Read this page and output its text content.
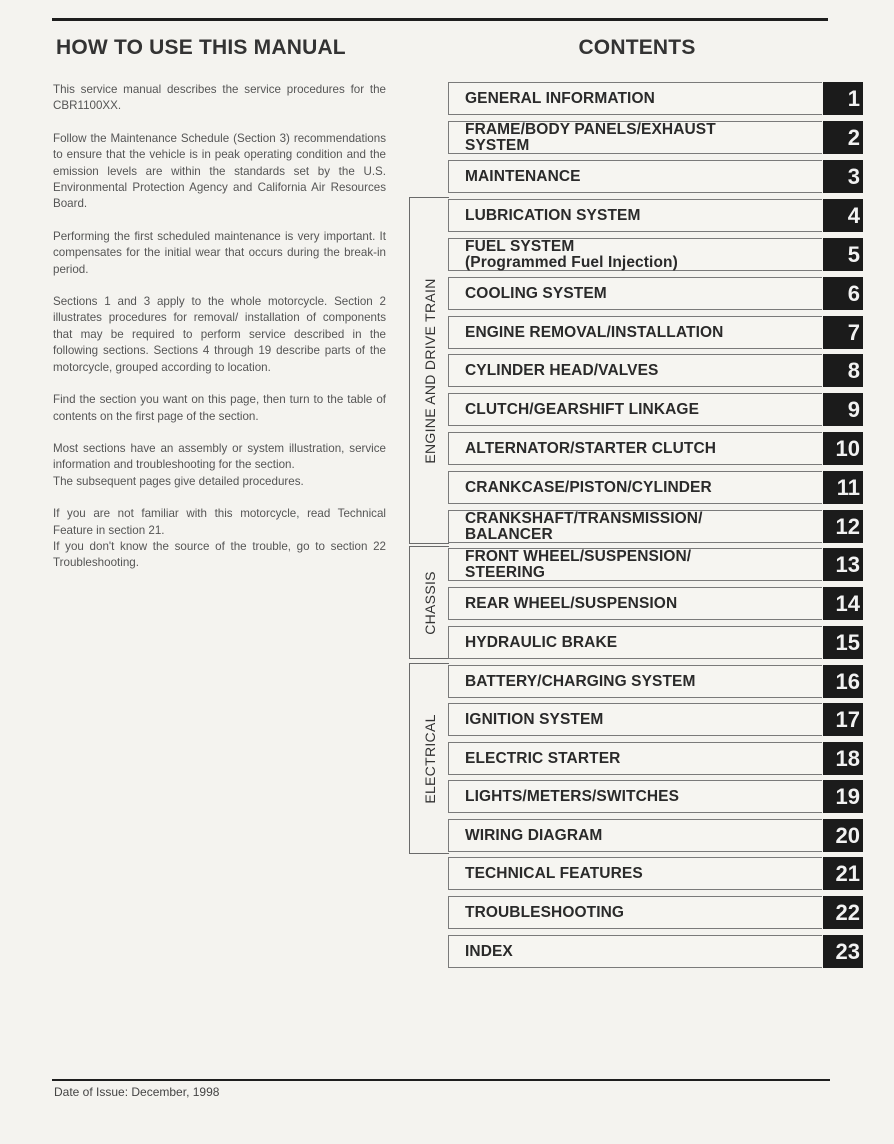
HOW TO USE THIS MANUAL	CONTENTS

This service manual describes the service procedures for the CBR1100XX.

Follow the Maintenance Schedule (Section 3) recommendations to ensure that the vehicle is in peak operating condition and the emission levels are within the standards set by the U.S. Environmental Protection Agency and California Air Resources Board.

Performing the first scheduled maintenance is very important. It compensates for the initial wear that occurs during the break-in period.

Sections 1 and 3 apply to the whole motorcycle. Section 2 illustrates procedures for removal/ installation of components that may be required to perform service described in the following sections. Sections 4 through 19 describe parts of the motorcycle, grouped according to location.

Find the section you want on this page, then turn to the table of contents on the first page of the section.

Most sections have an assembly or system illustration, service information and troubleshooting for the section.
The subsequent pages give detailed procedures.

If you are not familiar with this motorcycle, read Technical Feature in section 21.
If you don't know the source of the trouble, go to section 22 Troubleshooting.

ENGINE AND DRIVE TRAIN
CHASSIS
ELECTRICAL
GENERAL INFORMATION	1
FRAME/BODY PANELS/EXHAUST
SYSTEM	2
MAINTENANCE	3
LUBRICATION SYSTEM	4
FUEL SYSTEM
(Programmed Fuel Injection)	5
COOLING SYSTEM	6
ENGINE REMOVAL/INSTALLATION	7
CYLINDER HEAD/VALVES	8
CLUTCH/GEARSHIFT LINKAGE	9
ALTERNATOR/STARTER CLUTCH	10
CRANKCASE/PISTON/CYLINDER	11
CRANKSHAFT/TRANSMISSION/
BALANCER	12
FRONT WHEEL/SUSPENSION/
STEERING	13
REAR WHEEL/SUSPENSION	14
HYDRAULIC BRAKE	15
BATTERY/CHARGING SYSTEM	16
IGNITION SYSTEM	17
ELECTRIC STARTER	18
LIGHTS/METERS/SWITCHES	19
WIRING DIAGRAM	20
TECHNICAL FEATURES	21
TROUBLESHOOTING	22
INDEX	23
Date of Issue: December, 1998
